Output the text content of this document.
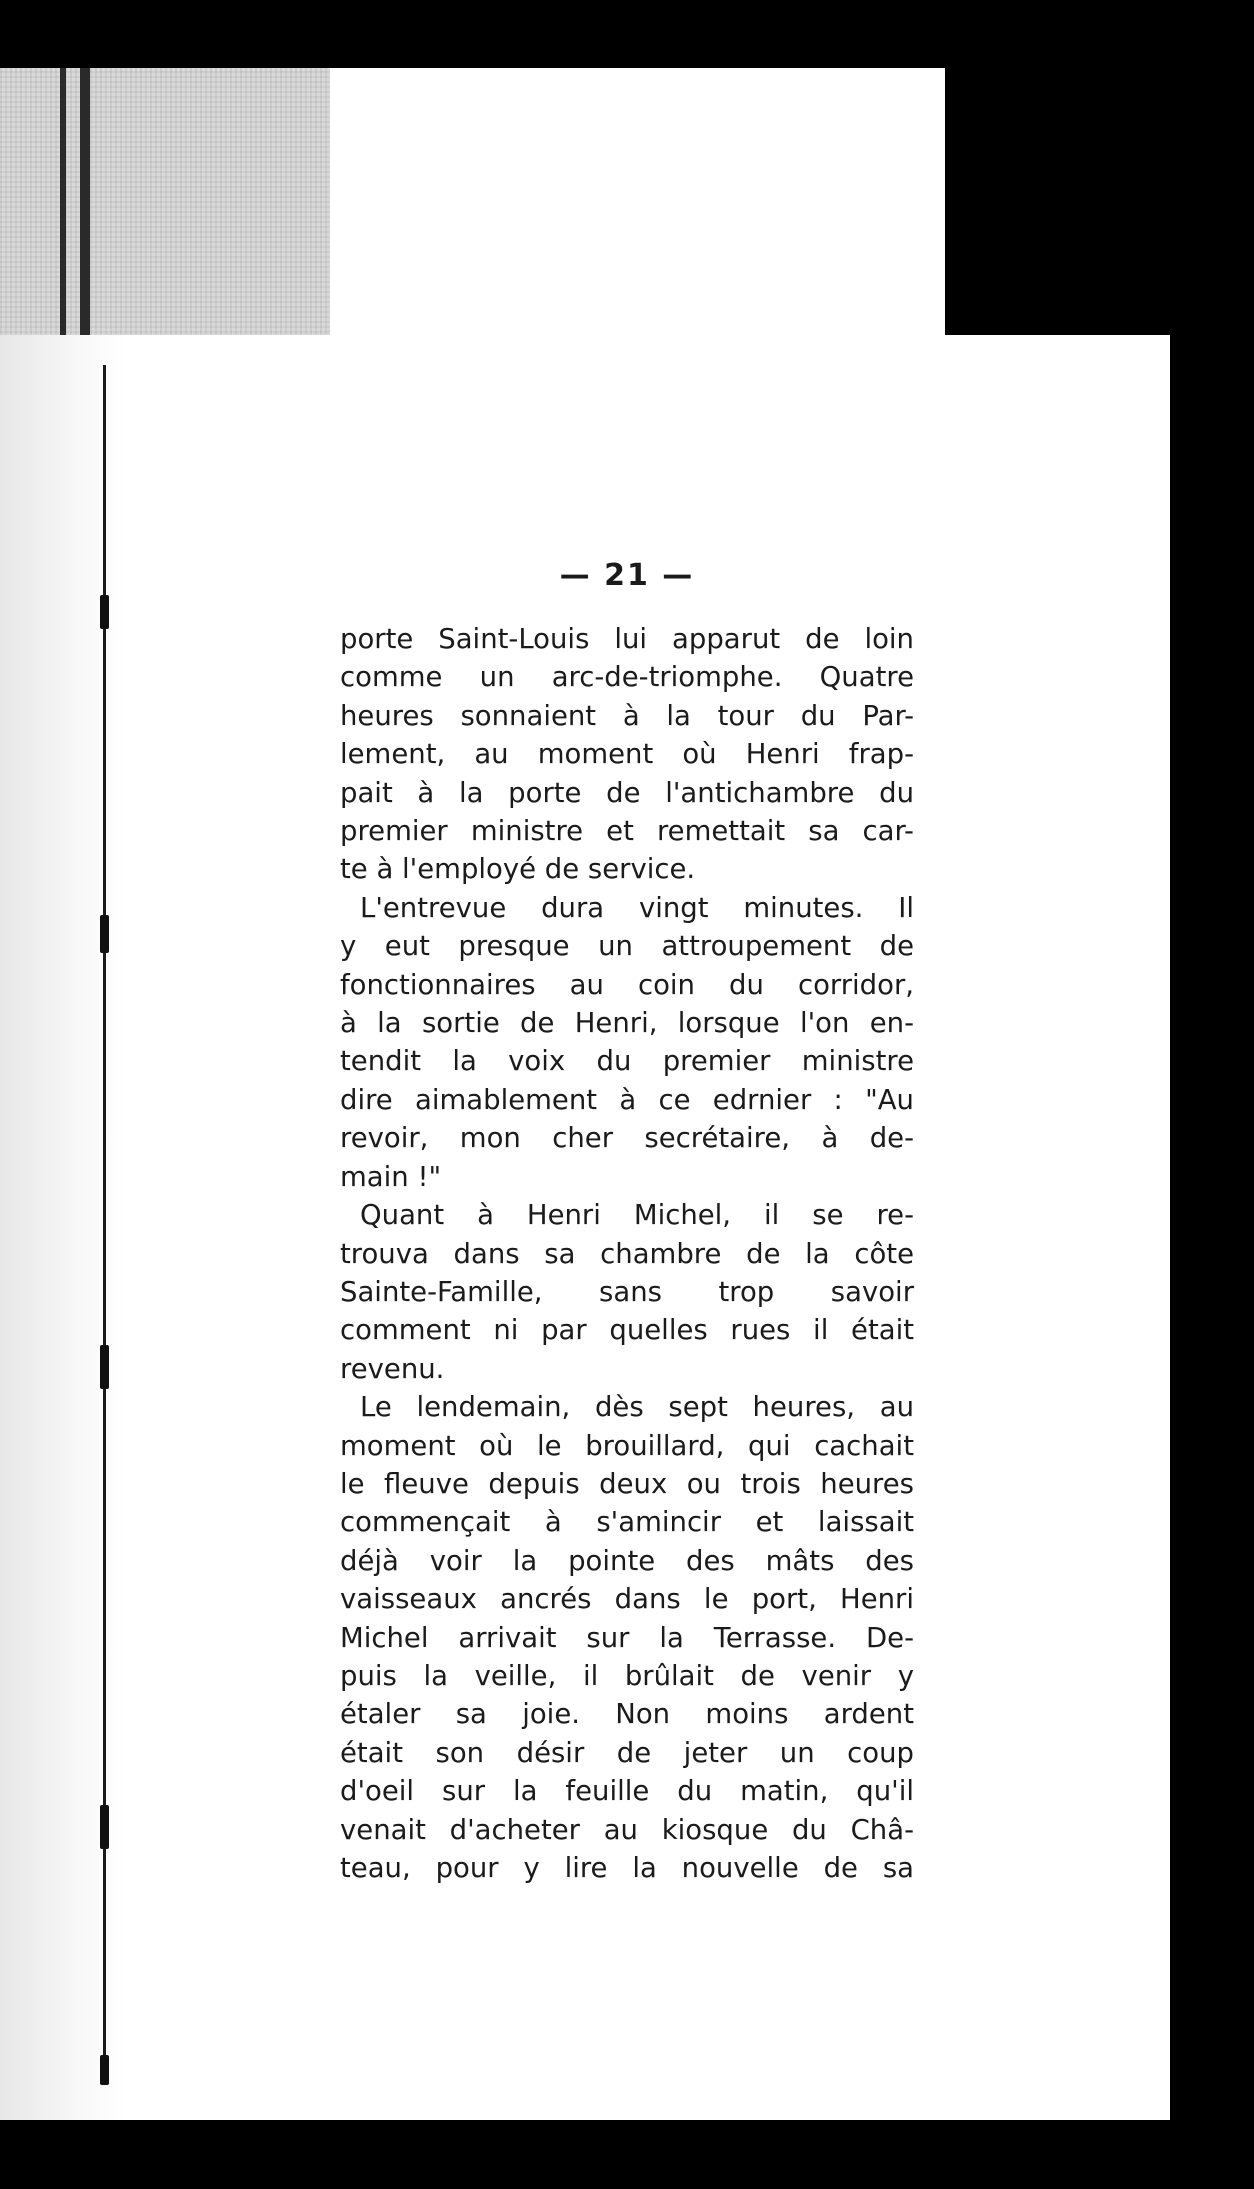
— 21 —

porte Saint-Louis lui apparut de loin
comme un arc-de-triomphe. Quatre
heures sonnaient à la tour du Par-
lement, au moment où Henri frap-
pait à la porte de l'antichambre du
premier ministre et remettait sa car-
te à l'employé de service.

L'entrevue dura vingt minutes. Il
y eut presque un attroupement de
fonctionnaires au coin du corridor,
à la sortie de Henri, lorsque l'on en-
tendit la voix du premier ministre
dire aimablement à ce edrnier : "Au
revoir, mon cher secrétaire, à de-
main !"

Quant à Henri Michel, il se re-
trouva dans sa chambre de la côte
Sainte-Famille, sans trop savoir
comment ni par quelles rues il était
revenu.

Le lendemain, dès sept heures, au
moment où le brouillard, qui cachait
le fleuve depuis deux ou trois heures
commençait à s'amincir et laissait
déjà voir la pointe des mâts des
vaisseaux ancrés dans le port, Henri
Michel arrivait sur la Terrasse. De-
puis la veille, il brûlait de venir y
étaler sa joie. Non moins ardent
était son désir de jeter un coup
d'oeil sur la feuille du matin, qu'il
venait d'acheter au kiosque du Châ-
teau, pour y lire la nouvelle de sa
